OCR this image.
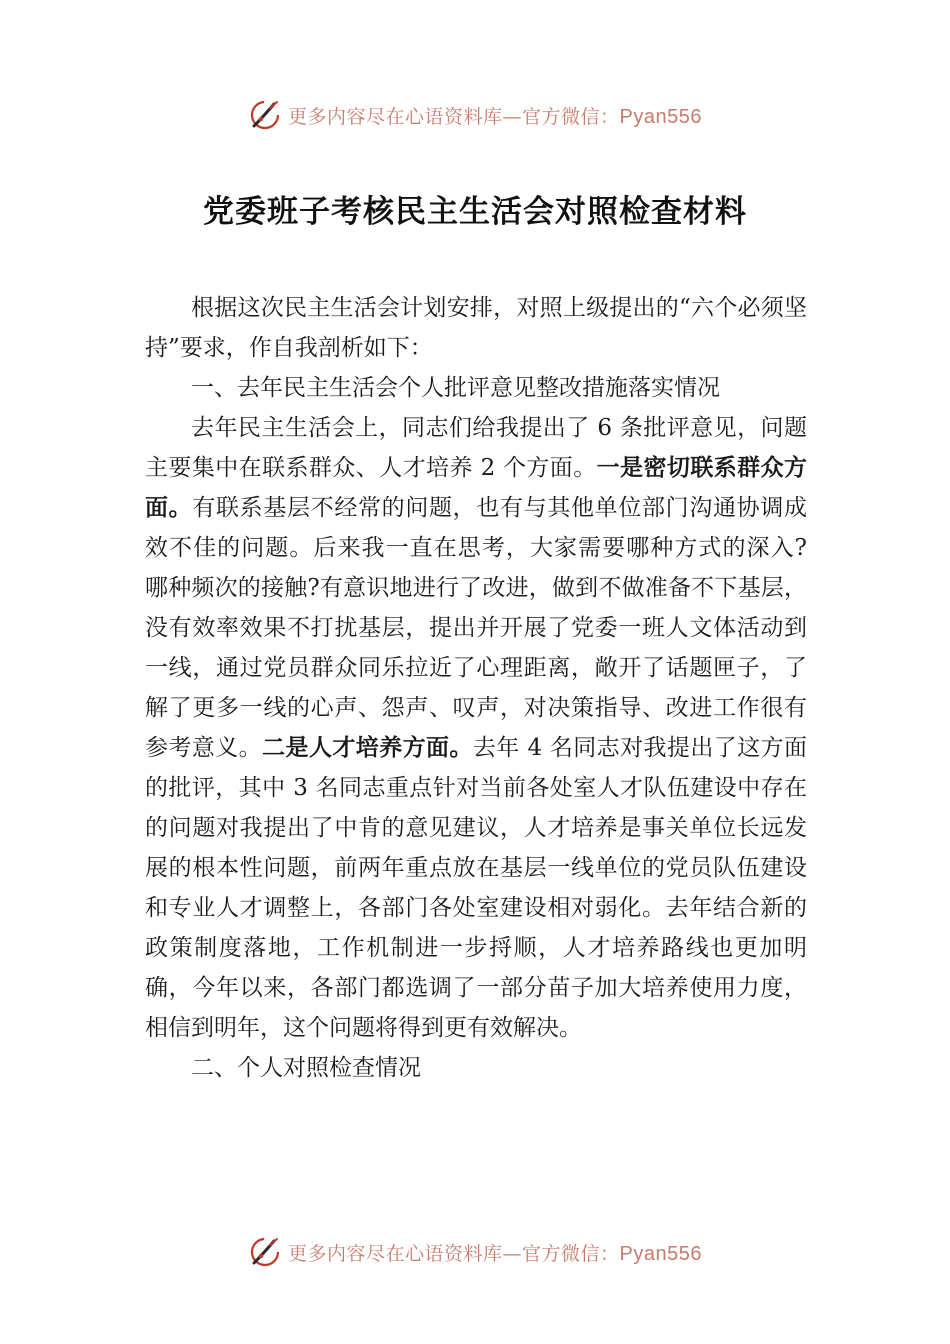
更多内容尽在心语资料库—官方微信：Pyan556
党委班子考核民主生活会对照检查材料

根据这次民主生活会计划安排，对照上级提出的“六个必须坚持”要求，作自我剖析如下：

一、去年民主生活会个人批评意见整改措施落实情况

去年民主生活会上，同志们给我提出了 6 条批评意见，问题主要集中在联系群众、人才培养 2 个方面。一是密切联系群众方面。有联系基层不经常的问题，也有与其他单位部门沟通协调成效不佳的问题。后来我一直在思考，大家需要哪种方式的深入? 哪种频次的接触?有意识地进行了改进，做到不做准备不下基层，没有效率效果不打扰基层，提出并开展了党委一班人文体活动到一线，通过党员群众同乐拉近了心理距离，敞开了话题匣子，了解了更多一线的心声、怨声、叹声，对决策指导、改进工作很有参考意义。二是人才培养方面。去年 4 名同志对我提出了这方面的批评，其中 3 名同志重点针对当前各处室人才队伍建设中存在的问题对我提出了中肯的意见建议，人才培养是事关单位长远发展的根本性问题，前两年重点放在基层一线单位的党员队伍建设和专业人才调整上，各部门各处室建设相对弱化。去年结合新的政策制度落地，工作机制进一步捋顺，人才培养路线也更加明确，今年以来，各部门都选调了一部分苗子加大培养使用力度，相信到明年，这个问题将得到更有效解决。

二、个人对照检查情况

更多内容尽在心语资料库—官方微信：Pyan556
